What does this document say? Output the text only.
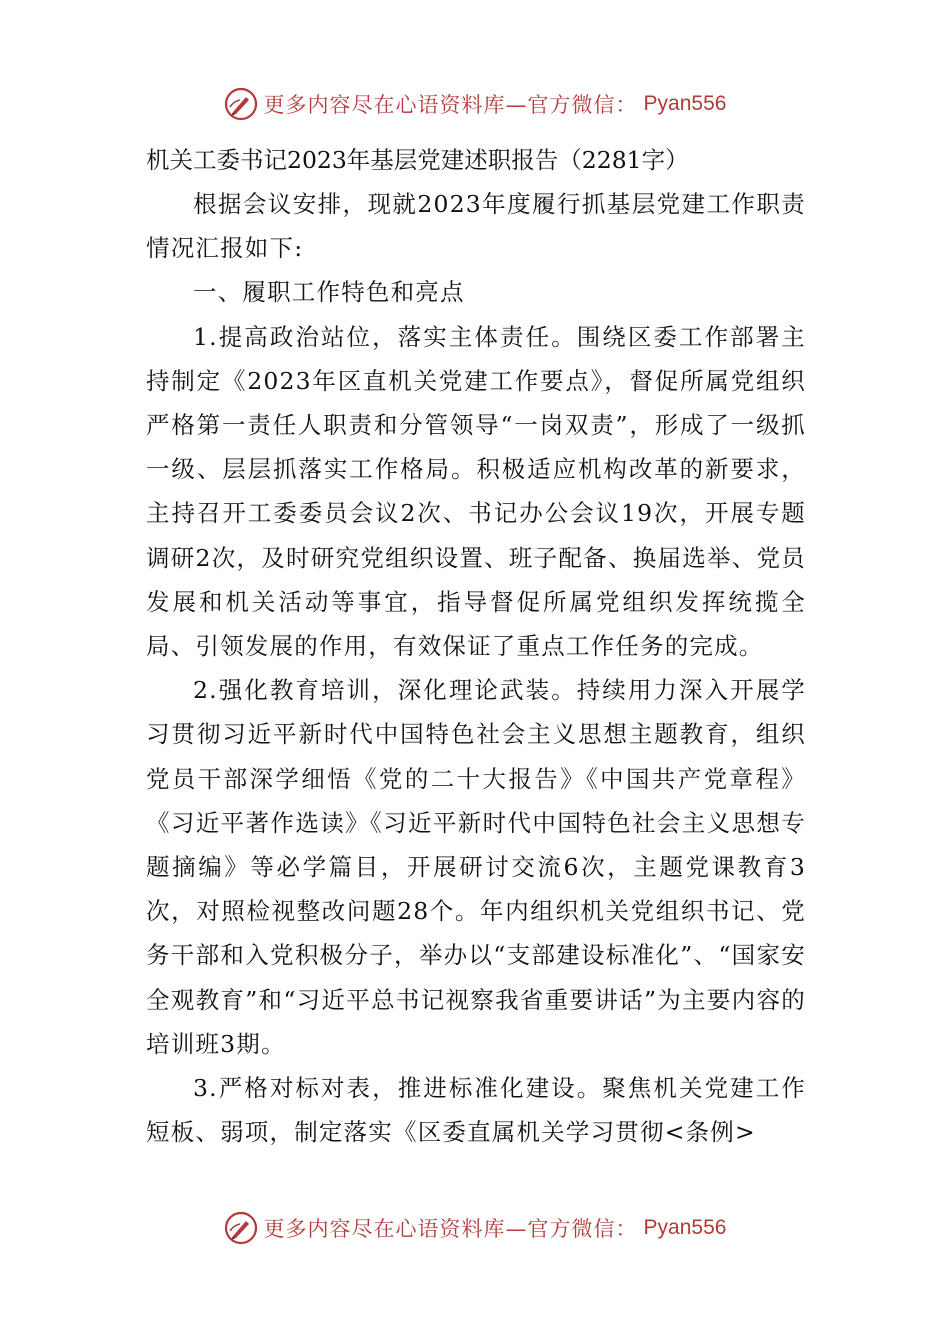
更多内容尽在心语资料库—官方微信： Pyan556
机关工委书记2023年基层党建述职报告（2281字）

根据会议安排，现就2023年度履行抓基层党建工作职责情况汇报如下:

一、履职工作特色和亮点

1.提高政治站位，落实主体责任。围绕区委工作部署主持制定《2023年区直机关党建工作要点》，督促所属党组织严格第一责任人职责和分管领导“一岗双责”，形成了一级抓一级、层层抓落实工作格局。积极适应机构改革的新要求，主持召开工委委员会议2次、书记办公会议19次，开展专题调研2次，及时研究党组织设置、班子配备、换届选举、党员发展和机关活动等事宜，指导督促所属党组织发挥统揽全局、引领发展的作用，有效保证了重点工作任务的完成。

2.强化教育培训，深化理论武装。持续用力深入开展学习贯彻习近平新时代中国特色社会主义思想主题教育，组织党员干部深学细悟《党的二十大报告》《中国共产党章程》《习近平著作选读》《习近平新时代中国特色社会主义思想专题摘编》等必学篇目，开展研讨交流6次，主题党课教育3次，对照检视整改问题28个。年内组织机关党组织书记、党务干部和入党积极分子，举办以“支部建设标准化”、“国家安全观教育”和“习近平总书记视察我省重要讲话”为主要内容的培训班3期。

3.严格对标对表，推进标准化建设。聚焦机关党建工作短板、弱项，制定落实《区委直属机关学习贯彻<条例>

更多内容尽在心语资料库—官方微信： Pyan556
